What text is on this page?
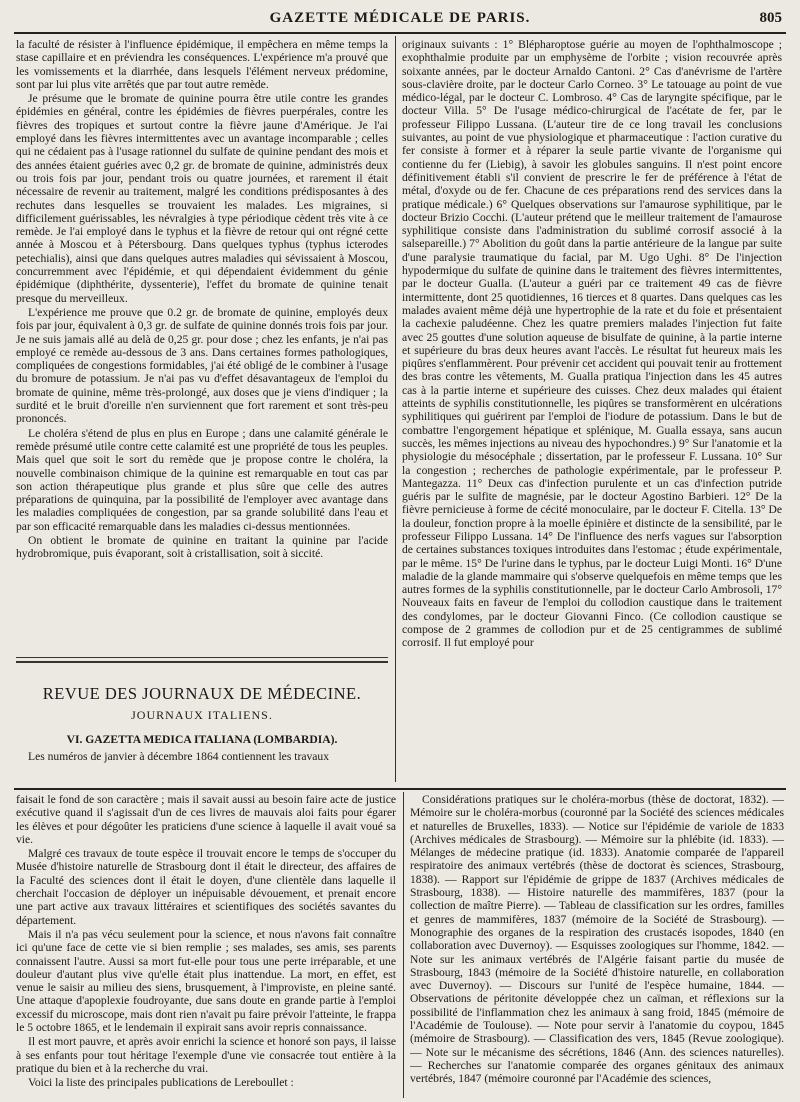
GAZETTE MÉDICALE DE PARIS.	805

la faculté de résister à l'influence épidémique, il empêchera en même temps la stase capillaire et en préviendra les conséquences. L'expérience m'a prouvé que les vomissements et la diarrhée, dans lesquels l'élément nerveux prédomine, sont par lui plus vite arrêtés que par tout autre remède.

Je présume que le bromate de quinine pourra être utile contre les grandes épidémies en général, contre les épidémies de fièvres puerpérales, contre les fièvres des tropiques et surtout contre la fièvre jaune d'Amérique. Je l'ai employé dans les fièvres intermittentes avec un avantage incomparable ; celles qui ne cédaient pas à l'usage rationnel du sulfate de quinine pendant des mois et des années étaient guéries avec 0,2 gr. de bromate de quinine, administrés deux ou trois fois par jour, pendant trois ou quatre journées, et rarement il était nécessaire de revenir au traitement, malgré les conditions prédisposantes à des rechutes dans lesquelles se trouvaient les malades. Les migraines, si difficilement guérissables, les névralgies à type périodique cèdent très vite à ce remède. Je l'ai employé dans le typhus et la fièvre de retour qui ont régné cette année à Moscou et à Pétersbourg. Dans quelques typhus (typhus icterodes petechialis), ainsi que dans quelques autres maladies qui sévissaient à Moscou, concurremment avec l'épidémie, et qui dépendaient évidemment du génie épidémique (diphthérite, dyssenterie), l'effet du bromate de quinine tenait presque du merveilleux.

L'expérience me prouve que 0.2 gr. de bromate de quinine, employés deux fois par jour, équivalent à 0,3 gr. de sulfate de quinine donnés trois fois par jour. Je ne suis jamais allé au delà de 0,25 gr. pour dose ; chez les enfants, je n'ai pas employé ce remède au-dessous de 3 ans. Dans certaines formes pathologiques, compliquées de congestions formidables, j'ai été obligé de le combiner à l'usage du bromure de potassium. Je n'ai pas vu d'effet désavantageux de l'emploi du bromate de quinine, même très-prolongé, aux doses que je viens d'indiquer ; la surdité et le bruit d'oreille n'en surviennent que fort rarement et sont très-peu prononcés.

Le choléra s'étend de plus en plus en Europe ; dans une calamité générale le remède présumé utile contre cette calamité est une propriété de tous les peuples. Mais quel que soit le sort du remède que je propose contre le choléra, la nouvelle combinaison chimique de la quinine est remarquable en tout cas par son action thérapeutique plus grande et plus sûre que celle des autres préparations de quinquina, par la possibilité de l'employer avec avantage dans les maladies compliquées de congestion, par sa grande solubilité dans l'eau et par son efficacité remarquable dans les maladies ci-dessus mentionnées.

On obtient le bromate de quinine en traitant la quinine par l'acide hydrobromique, puis évaporant, soit à cristallisation, soit à siccité.

REVUE DES JOURNAUX DE MÉDECINE.
JOURNAUX ITALIENS.
VI. GAZETTA MEDICA ITALIANA (LOMBARDIA).

Les numéros de janvier à décembre 1864 contiennent les travaux

originaux suivants : 1° Blépharoptose guérie au moyen de l'ophthalmoscope ; exophthalmie produite par un emphysème de l'orbite ; vision recouvrée après soixante années, par le docteur Arnaldo Cantoni. 2° Cas d'anévrisme de l'artère sous-clavière droite, par le docteur Carlo Corneo. 3° Le tatouage au point de vue médico-légal, par le docteur C. Lombroso. 4° Cas de laryngite spécifique, par le docteur Villa. 5° De l'usage médico-chirurgical de l'acétate de fer, par le professeur Filippo Lussana. (L'auteur tire de ce long travail les conclusions suivantes, au point de vue physiologique et pharmaceutique : l'action curative du fer consiste à former et à réparer la seule partie vivante de l'organisme qui contienne du fer (Liebig), à savoir les globules sanguins. Il n'est point encore définitivement établi s'il convient de prescrire le fer de préférence à l'état de métal, d'oxyde ou de fer. Chacune de ces préparations rend des services dans la pratique médicale.) 6° Quelques observations sur l'amaurose syphilitique, par le docteur Brizio Cocchi. (L'auteur prétend que le meilleur traitement de l'amaurose syphilitique consiste dans l'administration du sublimé corrosif associé à la salsepareille.) 7° Abolition du goût dans la partie antérieure de la langue par suite d'une paralysie traumatique du facial, par M. Ugo Ughi. 8° De l'injection hypodermique du sulfate de quinine dans le traitement des fièvres intermittentes, par le docteur Gualla. (L'auteur a guéri par ce traitement 49 cas de fièvre intermittente, dont 25 quotidiennes, 16 tierces et 8 quartes. Dans quelques cas les malades avaient même déjà une hypertrophie de la rate et du foie et présentaient la cachexie paludéenne. Chez les quatre premiers malades l'injection fut faite avec 25 gouttes d'une solution aqueuse de bisulfate de quinine, à la partie interne et supérieure du bras deux heures avant l'accès. Le résultat fut heureux mais les piqûres s'enflammèrent. Pour prévenir cet accident qui pouvait tenir au frottement des bras contre les vêtements, M. Gualla pratiqua l'injection dans les 45 autres cas à la partie interne et supérieure des cuisses. Chez deux malades qui étaient atteints de syphilis constitutionnelle, les piqûres se transformèrent en ulcérations syphilitiques qui guérirent par l'emploi de l'iodure de potassium. Dans le but de combattre l'engorgement hépatique et splénique, M. Gualla essaya, sans aucun succès, les mêmes injections au niveau des hypochondres.) 9° Sur l'anatomie et la physiologie du mésocéphale ; dissertation, par le professeur F. Lussana. 10° Sur la congestion ; recherches de pathologie expérimentale, par le professeur P. Mantegazza. 11° Deux cas d'infection purulente et un cas d'infection putride guéris par le sulfite de magnésie, par le docteur Agostino Barbieri. 12° De la fièvre pernicieuse à forme de cécité monoculaire, par le docteur F. Citella. 13° De la douleur, fonction propre à la moelle épinière et distincte de la sensibilité, par le professeur Filippo Lussana. 14° De l'influence des nerfs vagues sur l'absorption de certaines substances toxiques introduites dans l'estomac ; étude expérimentale, par le même. 15° De l'urine dans le typhus, par le docteur Luigi Monti. 16° D'une maladie de la glande mammaire qui s'observe quelquefois en même temps que les autres formes de la syphilis constitutionnelle, par le docteur Carlo Ambrosoli, 17° Nouveaux faits en faveur de l'emploi du collodion caustique dans le traitement des condylomes, par le docteur Giovanni Finco. (Ce collodion caustique se compose de 2 grammes de collodion pur et de 25 centigrammes de sublimé corrosif. Il fut employé pour

faisait le fond de son caractère ; mais il savait aussi au besoin faire acte de justice exécutive quand il s'agissait d'un de ces livres de mauvais aloi faits pour égarer les élèves et pour dégoûter les praticiens d'une science à laquelle il avait voué sa vie.

Malgré ces travaux de toute espèce il trouvait encore le temps de s'occuper du Musée d'histoire naturelle de Strasbourg dont il était le directeur, des affaires de la Faculté des sciences dont il était le doyen, d'une clientèle dans laquelle il cherchait l'occasion de déployer un inépuisable dévouement, et prenait encore une part active aux travaux littéraires et scientifiques des sociétés savantes du département.

Mais il n'a pas vécu seulement pour la science, et nous n'avons fait connaître ici qu'une face de cette vie si bien remplie ; ses malades, ses amis, ses parents connaissent l'autre. Aussi sa mort fut-elle pour tous une perte irréparable, et une douleur d'autant plus vive qu'elle était plus inattendue. La mort, en effet, est venue le saisir au milieu des siens, brusquement, à l'improviste, en pleine santé. Une attaque d'apoplexie foudroyante, due sans doute en grande partie à l'emploi excessif du microscope, mais dont rien n'avait pu faire prévoir l'atteinte, le frappa le 5 octobre 1865, et le lendemain il expirait sans avoir repris connaissance.

Il est mort pauvre, et après avoir enrichi la science et honoré son pays, il laisse à ses enfants pour tout héritage l'exemple d'une vie consacrée tout entière à la pratique du bien et à la recherche du vrai.

Voici la liste des principales publications de Lereboullet :

Considérations pratiques sur le choléra-morbus (thèse de doctorat, 1832). — Mémoire sur le choléra-morbus (couronné par la Société des sciences médicales et naturelles de Bruxelles, 1833). — Notice sur l'épidémie de variole de 1833 (Archives médicales de Strasbourg). — Mémoire sur la phlébite (id. 1833). — Mélanges de médecine pratique (id. 1833). Anatomie comparée de l'appareil respiratoire des animaux vertébrés (thèse de doctorat ès sciences, Strasbourg, 1838). — Rapport sur l'épidémie de grippe de 1837 (Archives médicales de Strasbourg, 1838). — Histoire naturelle des mammifères, 1837 (pour la collection de maître Pierre). — Tableau de classification sur les ordres, familles et genres de mammifères, 1837 (mémoire de la Société de Strasbourg). — Monographie des organes de la respiration des crustacés isopodes, 1840 (en collaboration avec Duvernoy). — Esquisses zoologiques sur l'homme, 1842. — Note sur les animaux vertébrés de l'Algérie faisant partie du musée de Strasbourg, 1843 (mémoire de la Société d'histoire naturelle, en collaboration avec Duvernoy). — Discours sur l'unité de l'espèce humaine, 1844. — Observations de péritonite développée chez un caïman, et réflexions sur la possibilité de l'inflammation chez les animaux à sang froid, 1845 (mémoire de l'Académie de Toulouse). — Note pour servir à l'anatomie du coypou, 1845 (mémoire de Strasbourg). — Classification des vers, 1845 (Revue zoologique). — Note sur le mécanisme des sécrétions, 1846 (Ann. des sciences naturelles). — Recherches sur l'anatomie comparée des organes génitaux des animaux vertébrés, 1847 (mémoire couronné par l'Académie des sciences,
